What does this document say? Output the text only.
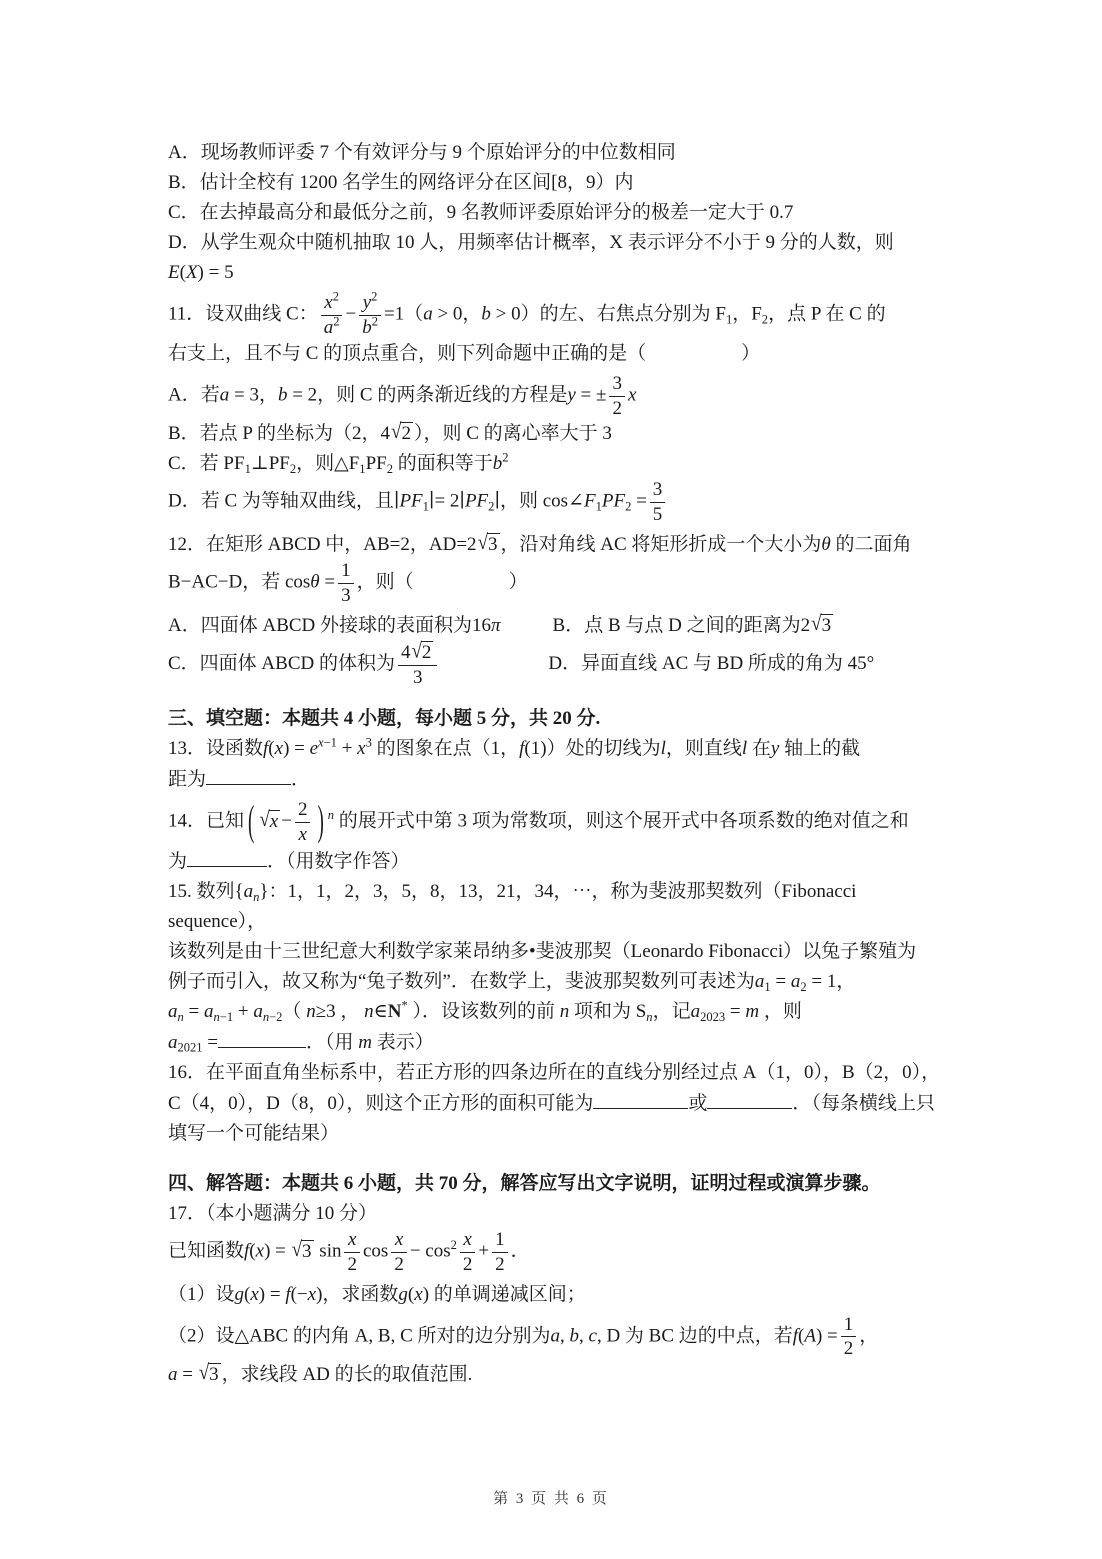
A．现场教师评委 7 个有效评分与 9 个原始评分的中位数相同
B．估计全校有 1200 名学生的网络评分在区间[8，9）内
C．在去掉最高分和最低分之前，9 名教师评委原始评分的极差一定大于 0.7
D．从学生观众中随机抽取 10 人，用频率估计概率，X 表示评分不小于 9 分的人数，则
E(X) = 5
11．设双曲线 C： $\frac{x^2}{a^2} - \frac{y^2}{b^2} =1(a > 0$，b > 0）的左、右焦点分别为 $F_1$，$F_2$，点 P 在 C 的
右支上，且不与 C 的顶点重合，则下列命题中正确的是（　　　　　）
A．若a = 3，b = 2，则 C 的两条渐近线的方程是y = ± $\frac{3}{2}$ x
B．若点 P 的坐标为（2，4√2 ），则 C 的离心率大于 3
C．若 $PF_1\perp PF_2$，则$\triangle F_1PF_2$ 的面积等于$b^2$
D．若 C 为等轴双曲线，且$∣PF_1∣=$ $2∣PF_2∣$，则 $\cos\angle F_1PF_2 = \frac{3}{5}$
12．在矩形 ABCD 中，AB=2，AD=2√3 ，沿对角线 AC 将矩形折成一个大小为θ 的二面角
B−AC−D，若 $\cos\theta = \frac{1}{3}$ ，则（　　　　　）
A．四面体 ABCD 外接球的表面积为16π	B．点 B 与点 D 之间的距离为2√3
C．四面体 ABCD 的体积为 $\frac{4√2}{3}$	D．异面直线 AC 与 BD 所成的角为 45°
三、填空题：本题共 4 小题，每小题 5 分，共 20 分.
13．设函数$f(x) = e^{x-1} + x^3$ 的图象在点（1，f(1)）处的切线为l，则直线l 在y 轴上的截
距为	．
14．已知 ( $√x - \frac{2}{x}$ ) $^n$ 的展开式中第 3 项为常数项，则这个展开式中各项系数的绝对值之和
为	．（用数字作答）
15. 数列$\{a_n\}$：1，1，2，3，5，8，13，21，34，⋯，称为斐波那契数列（Fibonacci sequence），
该数列是由十三世纪意大利数学家莱昂纳多•斐波那契（Leonardo Fibonacci）以兔子繁殖为
例子而引入，故又称为“兔子数列”．在数学上，斐波那契数列可表述为$a_1 = a_2 = 1$，
$a_n = a_{n-1} + a_{n-2}$（ n≥3 ， n∈N* ）．设该数列的前 n 项和为 $S_n$，记$a_{2023} = m$ ，则
$a_{2021}$ =	．（用 m 表示）
16．在平面直角坐标系中，若正方形的四条边所在的直线分别经过点 A（1，0），B（2，0），
C（4，0），D（8，0），则这个正方形的面积可能为	或	．（每条横线上只
填写一个可能结果）
四、解答题：本题共 6 小题，共 70 分，解答应写出文字说明，证明过程或演算步骤。
17．（本小题满分 10 分）
已知函数f(x) = √3 $\sin \frac{x}{2}$ $\cos \frac{x}{2} - \cos^2 \frac{x}{2} + \frac{1}{2}$ ．
（1）设g(x) = f(−x)，求函数g(x) 的单调递减区间；
（2）设△ABC 的内角 A, B, C 所对的边分别为a, b, c, D 为 BC 边的中点，若$f(A) = \frac{1}{2}$ ，
a = √3 ，求线段 AD 的长的取值范围.
第 3 页 共 6 页
